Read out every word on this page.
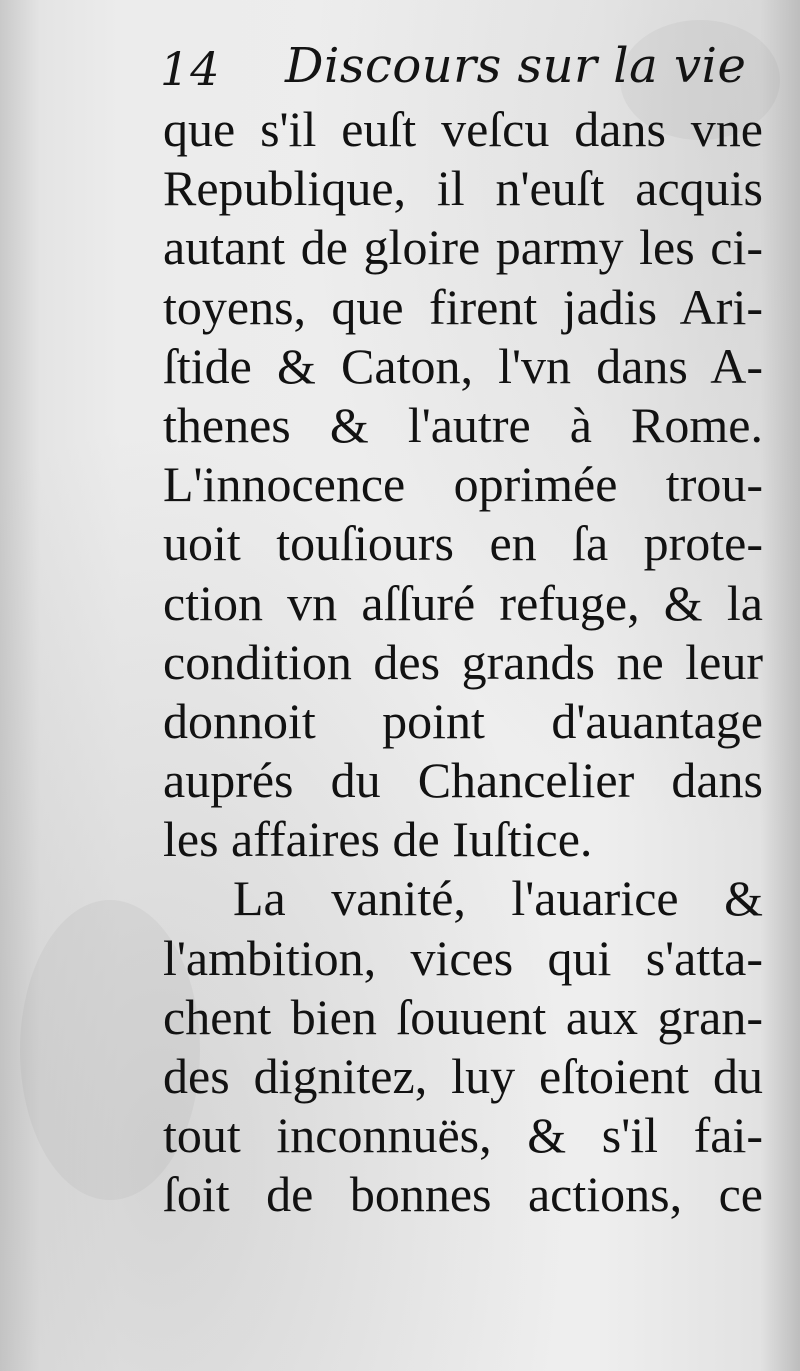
14 Discours sur la vie
que s'il euſt veſcu dans vne
Republique, il n'euſt acquis
autant de gloire parmy les ci-
toyens, que firent jadis Ari-
ſtide & Caton, l'vn dans A-
thenes & l'autre à Rome.
L'innocence oprimée trou-
uoit touſiours en ſa prote-
ction vn aſſuré refuge, & la
condition des grands ne leur
donnoit point d'auantage
auprés du Chancelier dans
les affaires de Iuſtice.
La vanité, l'auarice &
l'ambition, vices qui s'atta-
chent bien ſouuent aux gran-
des dignitez, luy eſtoient du
tout inconnuës, & s'il fai-
ſoit de bonnes actions, ce
